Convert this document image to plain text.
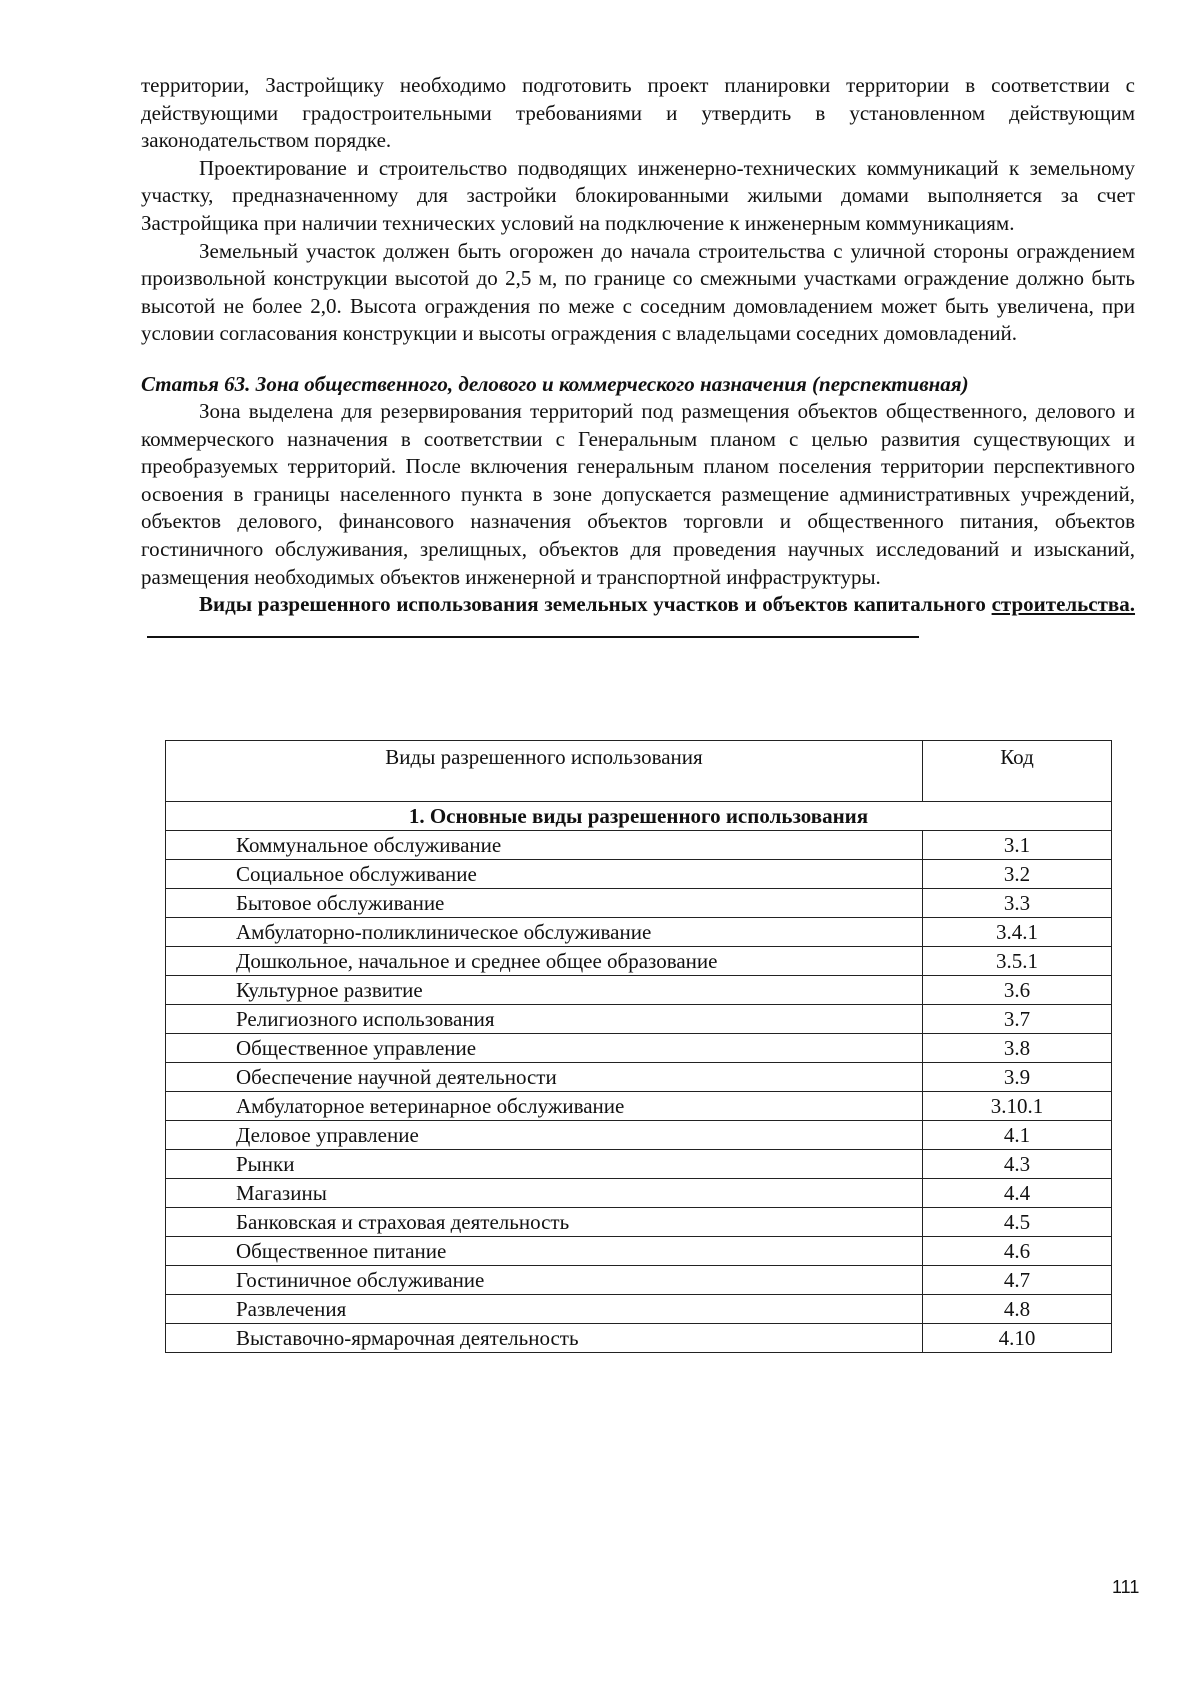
территории, Застройщику необходимо подготовить проект планировки территории в соответствии с действующими градостроительными требованиями и утвердить в установленном действующим законодательством порядке.

Проектирование и строительство подводящих инженерно-технических коммуникаций к земельному участку, предназначенному для застройки блокированными жилыми домами выполняется за счет Застройщика при наличии технических условий на подключение к инженерным коммуникациям.

Земельный участок должен быть огорожен до начала строительства с уличной стороны ограждением произвольной конструкции высотой до 2,5 м, по границе со смежными участками ограждение должно быть высотой не более 2,0. Высота ограждения по меже с соседним домовладением может быть увеличена, при условии согласования конструкции и высоты ограждения с владельцами соседних домовладений.

Статья 63. Зона общественного, делового и коммерческого назначения (перспективная)

Зона выделена для резервирования территорий под размещения объектов общественного, делового и коммерческого назначения в соответствии с Генеральным планом с целью развития существующих и преобразуемых территорий. После включения генеральным планом поселения территории перспективного освоения в границы населенного пункта в зоне допускается размещение административных учреждений, объектов делового, финансового назначения объектов торговли и общественного питания, объектов гостиничного обслуживания, зрелищных, объектов для проведения научных исследований и изысканий, размещения необходимых объектов инженерной и транспортной инфраструктуры.

Виды разрешенного использования земельных участков и объектов капитального строительства.

Виды разрешенного использования	Код
1. Основные виды разрешенного использования	
Коммунальное обслуживание	3.1
Социальное обслуживание	3.2
Бытовое обслуживание	3.3
Амбулаторно-поликлиническое обслуживание	3.4.1
Дошкольное, начальное и среднее общее образование	3.5.1
Культурное развитие	3.6
Религиозного использования	3.7
Общественное управление	3.8
Обеспечение научной деятельности	3.9
Амбулаторное ветеринарное обслуживание	3.10.1
Деловое управление	4.1
Рынки	4.3
Магазины	4.4
Банковская и страховая деятельность	4.5
Общественное питание	4.6
Гостиничное обслуживание	4.7
Развлечения	4.8
Выставочно-ярмарочная деятельность	4.10
111
